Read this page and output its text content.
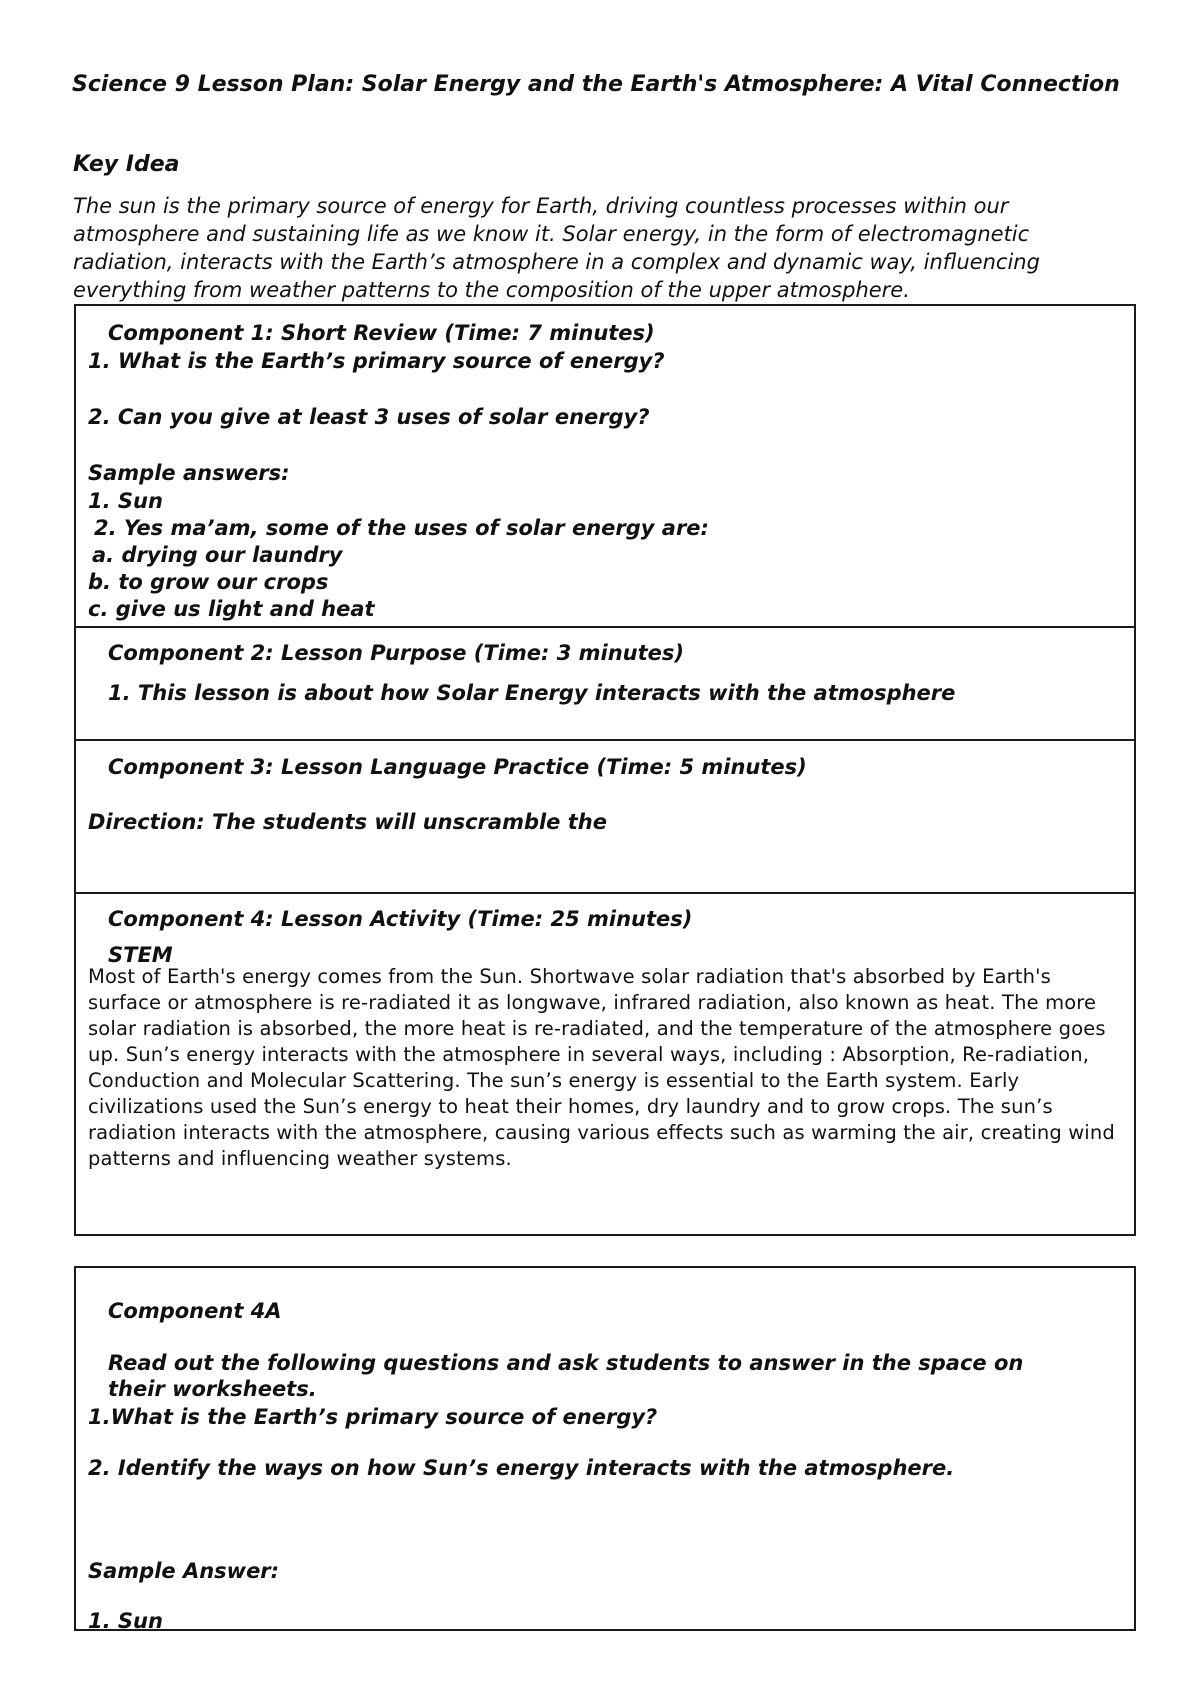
Science 9 Lesson Plan: Solar Energy and the Earth's Atmosphere: A Vital Connection
Key Idea

The sun is the primary source of energy for Earth, driving countless processes within our atmosphere and sustaining life as we know it. Solar energy, in the form of electromagnetic radiation, interacts with the Earth’s atmosphere in a complex and dynamic way, influencing everything from weather patterns to the composition of the upper atmosphere.

Component 1: Short Review (Time: 7 minutes)

1. What is the Earth’s primary source of energy?

2. Can you give at least 3 uses of solar energy?

Sample answers:

1. Sun

2. Yes ma’am, some of the uses of solar energy are:

a. drying our laundry

b. to grow our crops

c. give us light and heat

Component 2: Lesson Purpose (Time: 3 minutes)

1. This lesson is about how Solar Energy interacts with the atmosphere

Component 3: Lesson Language Practice (Time: 5 minutes)

Direction: The students will unscramble the

Component 4: Lesson Activity (Time: 25 minutes)

STEM

Most of Earth's energy comes from the Sun. Shortwave solar radiation that's absorbed by Earth's surface or atmosphere is re-radiated it as longwave, infrared radiation, also known as heat. The more solar radiation is absorbed, the more heat is re-radiated, and the temperature of the atmosphere goes up. Sun’s energy interacts with the atmosphere in several ways, including : Absorption, Re-radiation, Conduction and Molecular Scattering. The sun’s energy is essential to the Earth system. Early civilizations used the Sun’s energy to heat their homes, dry laundry and to grow crops. The sun’s radiation interacts with the atmosphere, causing various effects such as warming the air, creating wind patterns and influencing weather systems.

Component 4A

Read out the following questions and ask students to answer in the space on their worksheets.

1.What is the Earth’s primary source of energy?

2. Identify the ways on how Sun’s energy interacts with the atmosphere.

Sample Answer:

1. Sun
